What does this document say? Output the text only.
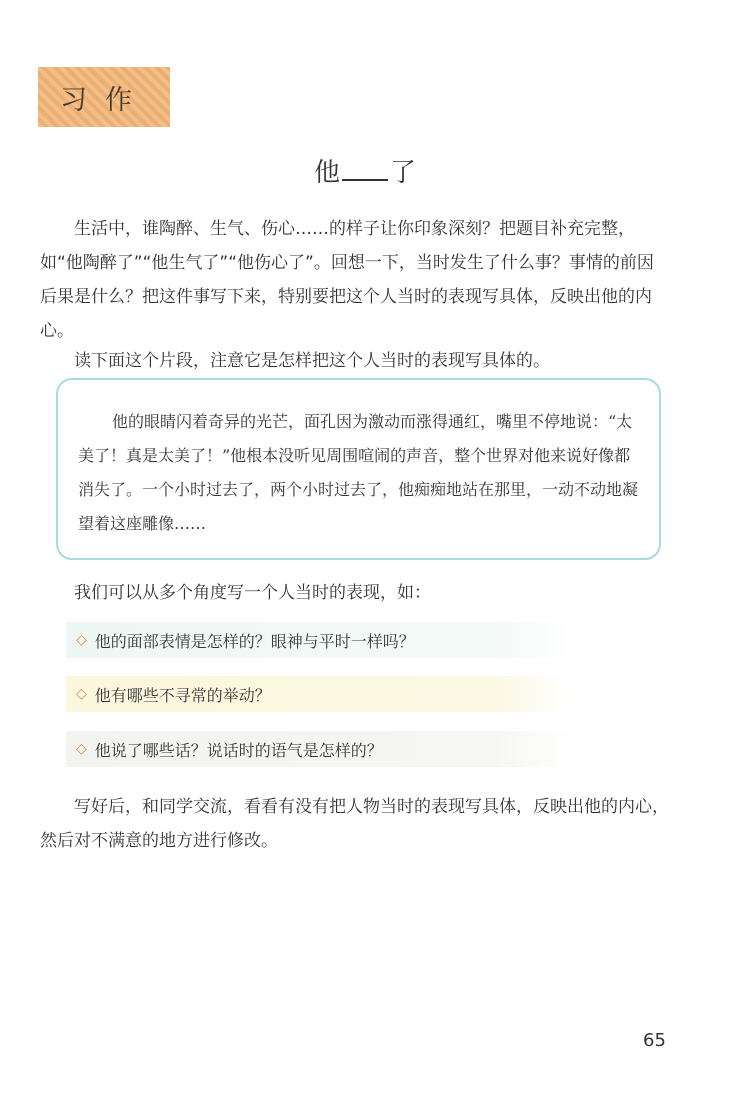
习作
他 了

生活中，谁陶醉、生气、伤心……的样子让你印象深刻？把题目补充完整，如“他陶醉了”“他生气了”“他伤心了”。回想一下，当时发生了什么事？事情的前因后果是什么？把这件事写下来，特别要把这个人当时的表现写具体，反映出他的内心。

读下面这个片段，注意它是怎样把这个人当时的表现写具体的。

他的眼睛闪着奇异的光芒，面孔因为激动而涨得通红，嘴里不停地说：“太美了！真是太美了！”他根本没听见周围喧闹的声音，整个世界对他来说好像都消失了。一个小时过去了，两个小时过去了，他痴痴地站在那里，一动不动地凝望着这座雕像……

我们可以从多个角度写一个人当时的表现，如：

◇ 他的面部表情是怎样的？眼神与平时一样吗？
◇ 他有哪些不寻常的举动？
◇ 他说了哪些话？说话时的语气是怎样的？

写好后，和同学交流，看看有没有把人物当时的表现写具体，反映出他的内心，然后对不满意的地方进行修改。

65
